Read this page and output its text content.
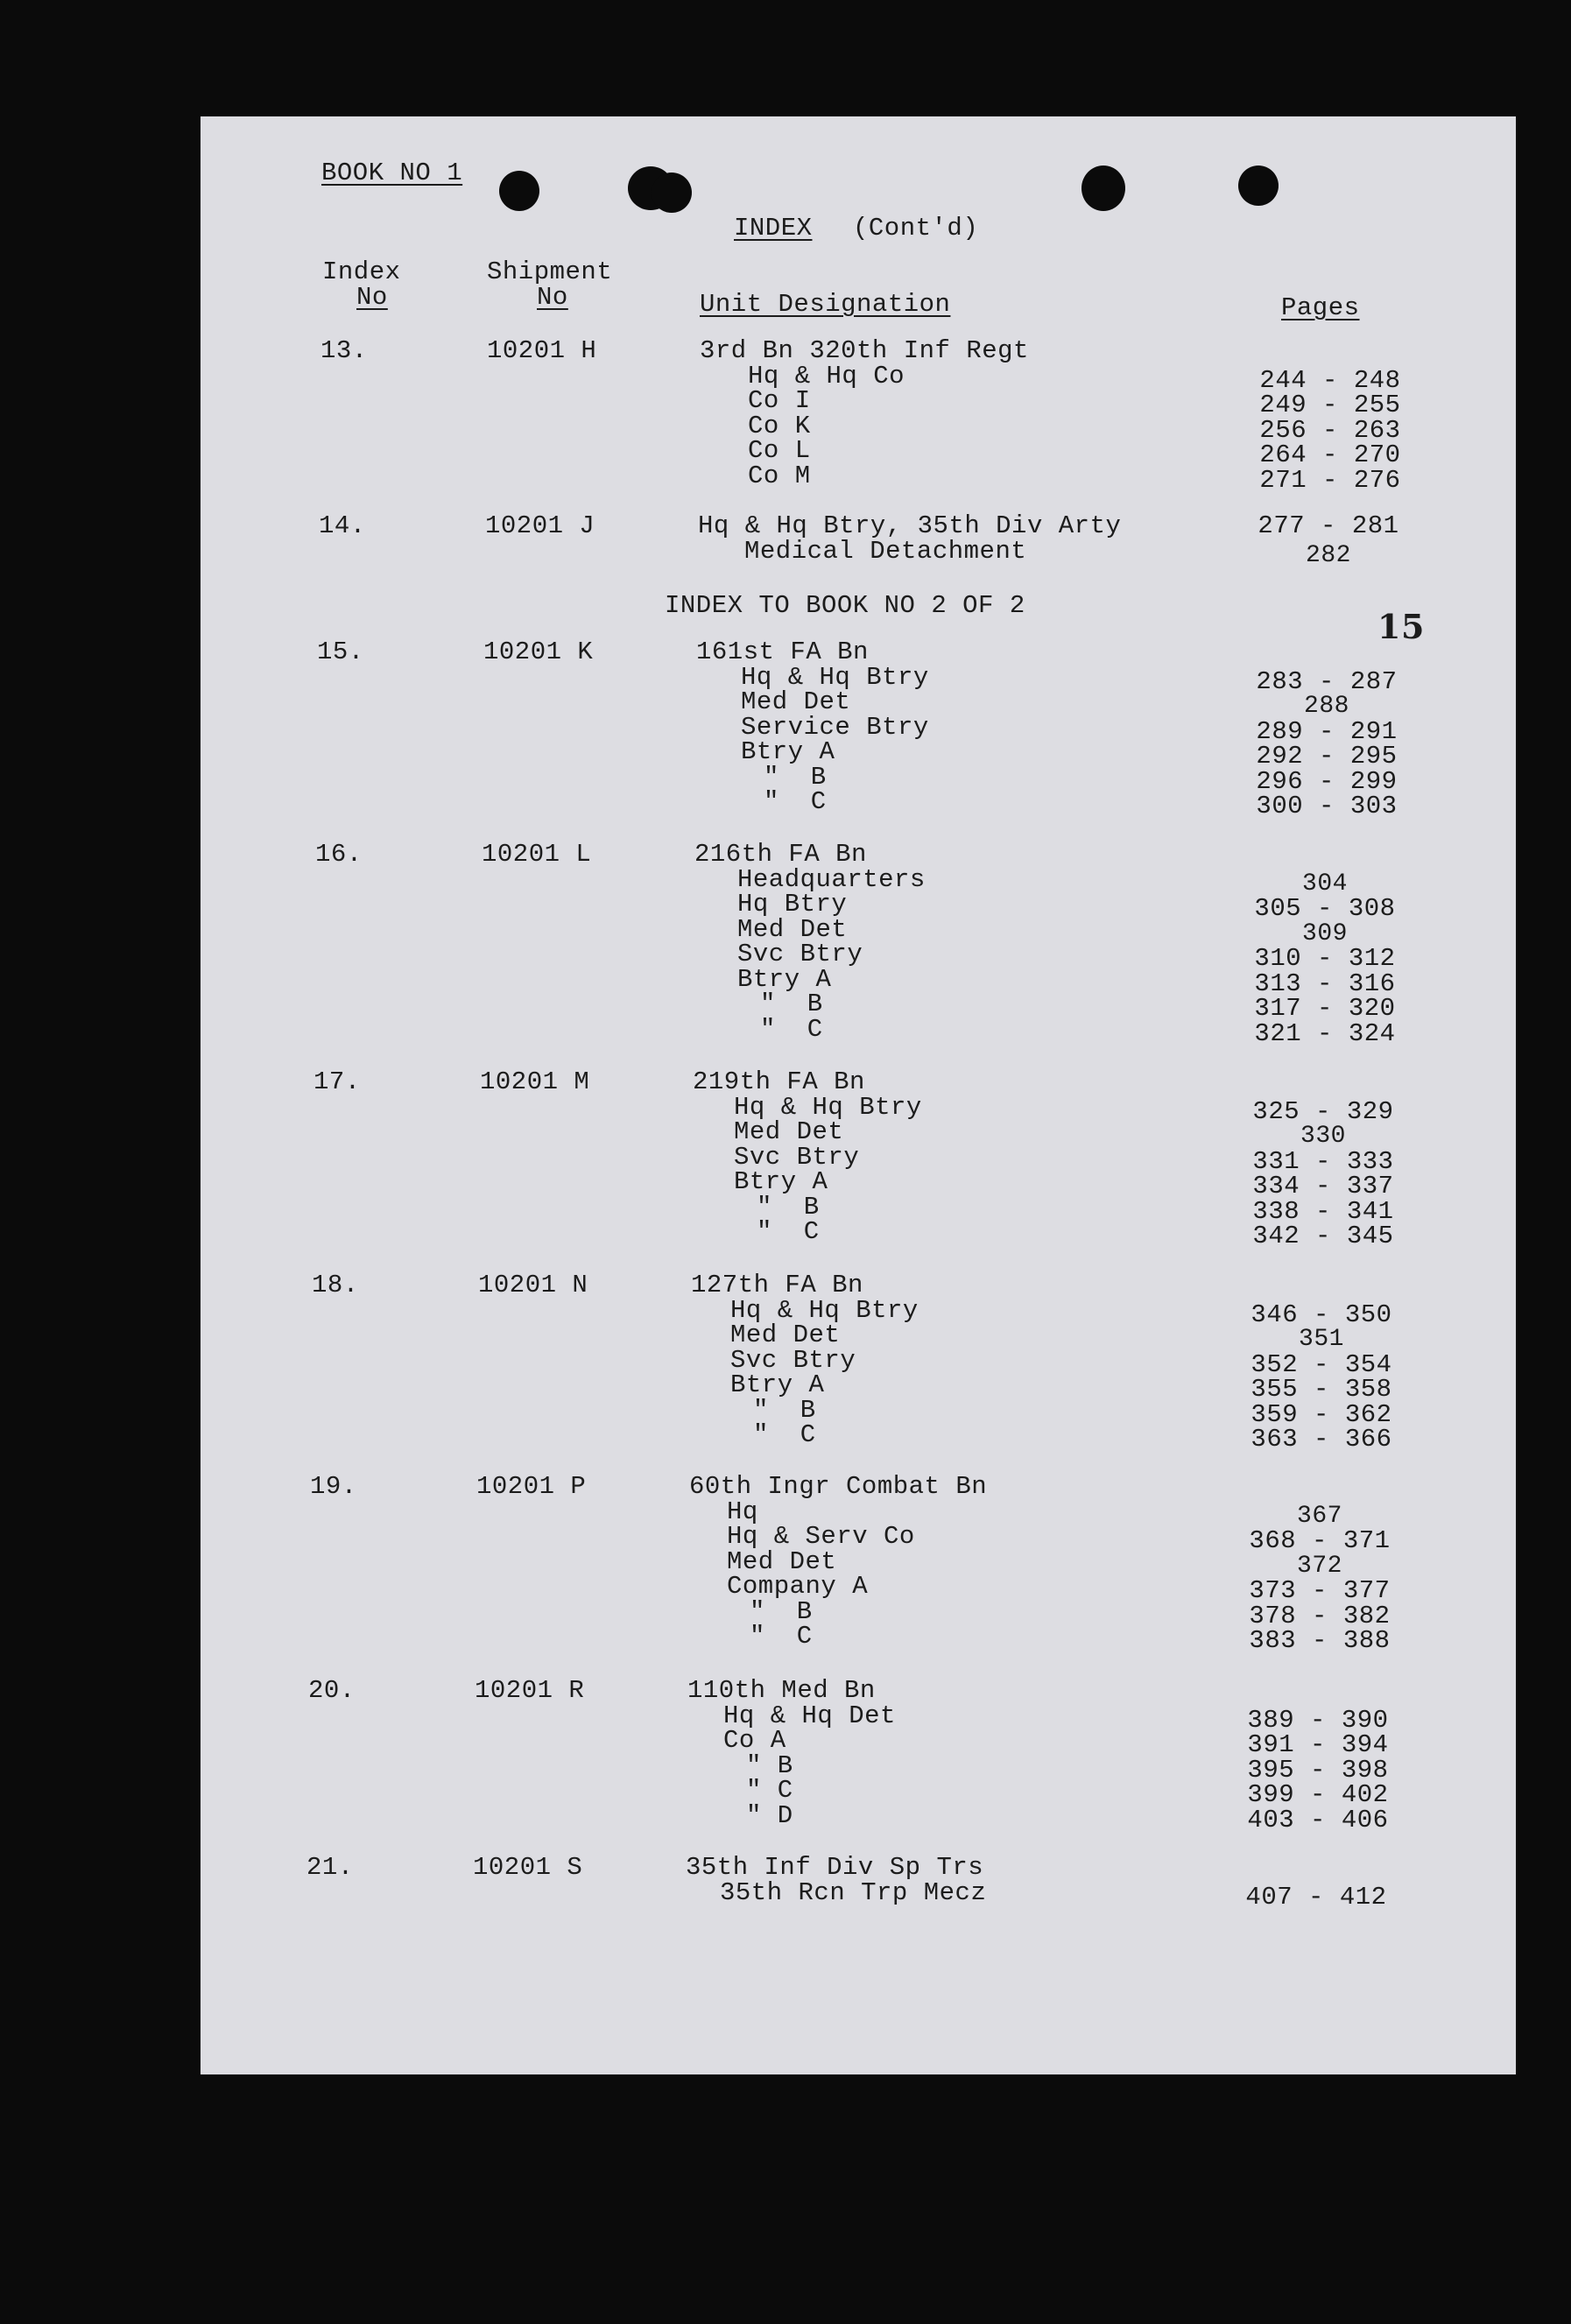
BOOK NO 1
INDEX (Cont'd)
Index
No
Shipment
No	Unit Designation	Pages
INDEX TO BOOK NO 2 OF 2
15
13.	10201 H	3rd Bn 320th Inf Regt
Hq & Hq Co	244 - 248
Co I	249 - 255
Co K	256 - 263
Co L	264 - 270
Co M	271 - 276
14.	10201 J	Hq & Hq Btry, 35th Div Arty	277 - 281
Medical Detachment	282
15.	10201 K	161st FA Bn
Hq & Hq Btry	283 - 287
Med Det	288
Service Btry	289 - 291
Btry A	292 - 295
"  B	296 - 299
"  C	300 - 303
16.	10201 L	216th FA Bn
Headquarters	304
Hq Btry	305 - 308
Med Det	309
Svc Btry	310 - 312
Btry A	313 - 316
"  B	317 - 320
"  C	321 - 324
17.	10201 M	219th FA Bn
Hq & Hq Btry	325 - 329
Med Det	330
Svc Btry	331 - 333
Btry A	334 - 337
"  B	338 - 341
"  C	342 - 345
18.	10201 N	127th FA Bn
Hq & Hq Btry	346 - 350
Med Det	351
Svc Btry	352 - 354
Btry A	355 - 358
"  B	359 - 362
"  C	363 - 366
19.	10201 P	60th Ingr Combat Bn
Hq	367
Hq & Serv Co	368 - 371
Med Det	372
Company A	373 - 377
"  B	378 - 382
"  C	383 - 388
20.	10201 R	110th Med Bn
Hq & Hq Det	389 - 390
Co A	391 - 394
" B	395 - 398
" C	399 - 402
" D	403 - 406
21.	10201 S	35th Inf Div Sp Trs
35th Rcn Trp Mecz	407 - 412
